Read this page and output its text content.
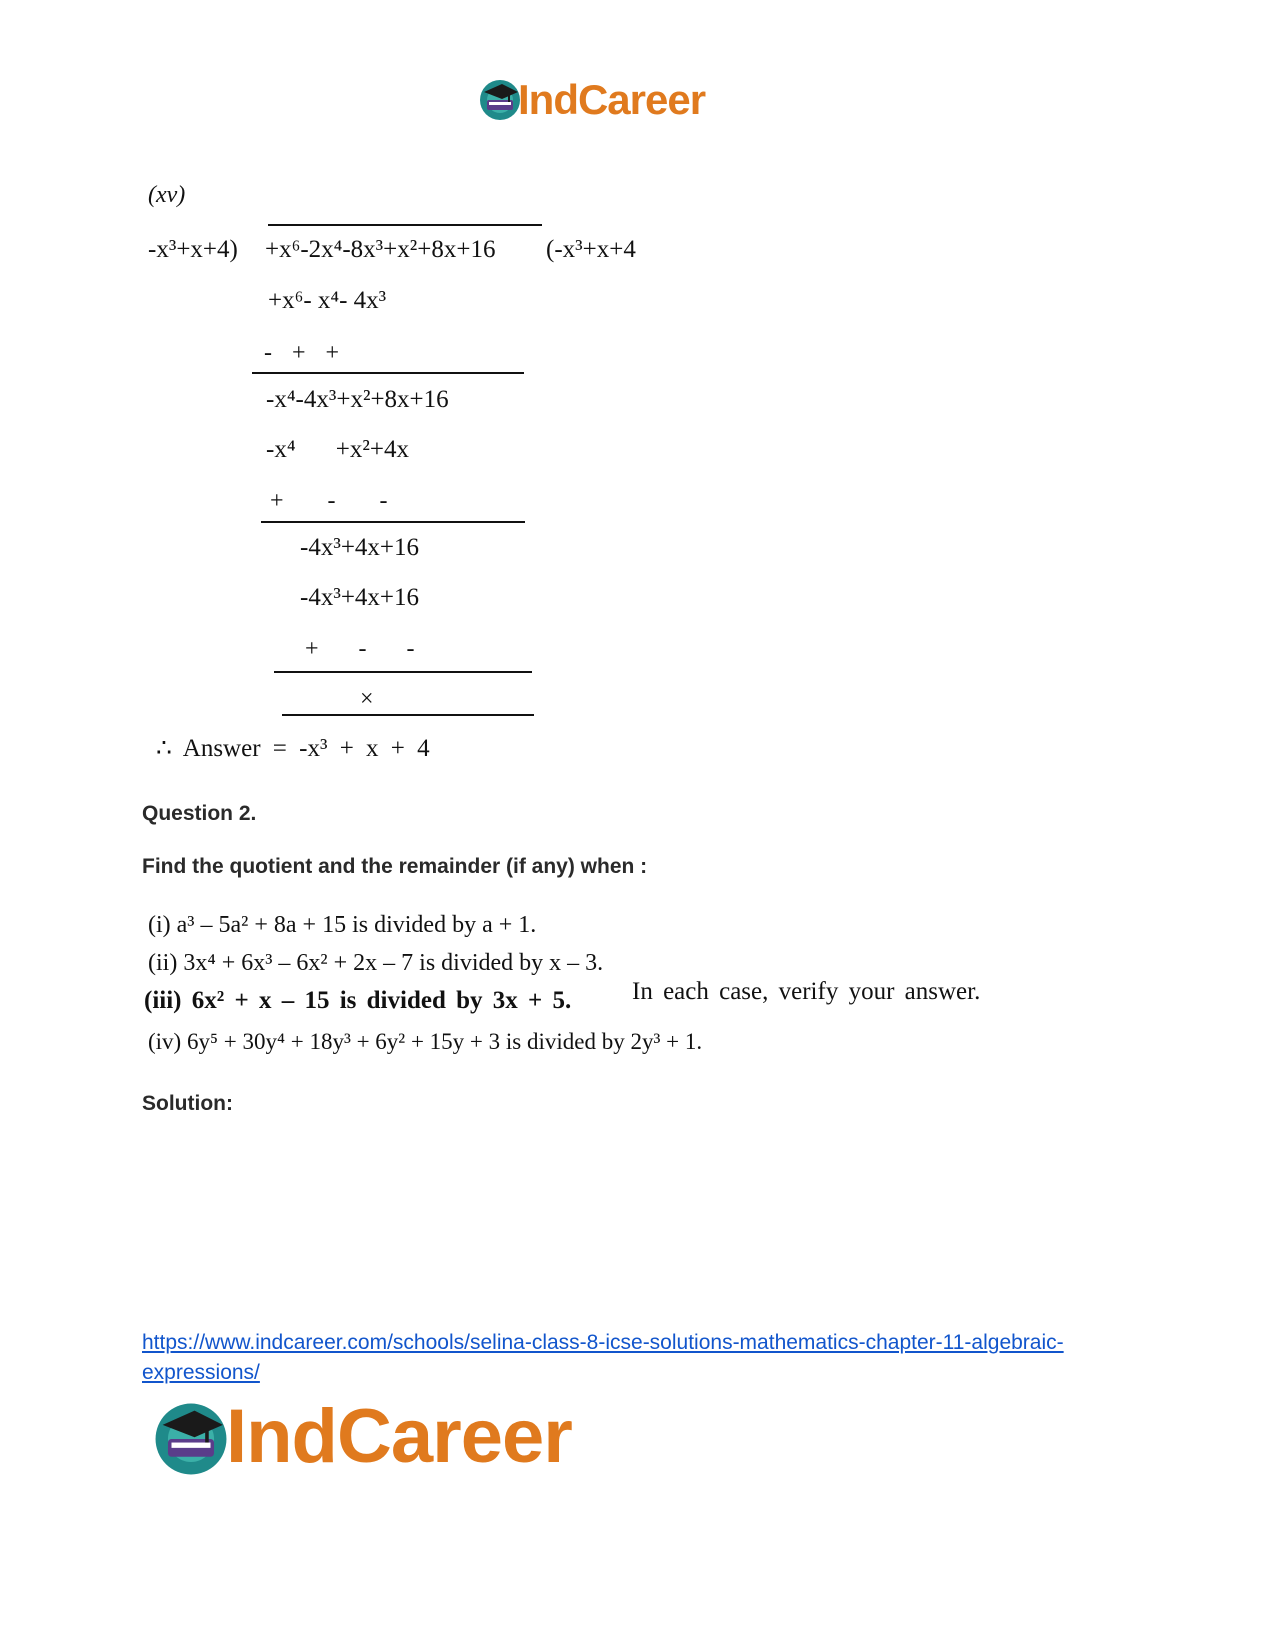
IndCareer
(xv)
-x³+x+4) +x⁶-2x⁴-8x³+x²+8x+16 (-x³+x+4
+x⁶- x⁴- 4x³
- + +
-x⁴-4x³+x²+8x+16
-x⁴ +x²+4x
+ - -
-4x³+4x+16
-4x³+4x+16
+ - -
×
∴ Answer = -x³ + x + 4
Question 2.
Find the quotient and the remainder (if any) when :
(i) a³ – 5a² + 8a + 15 is divided by a + 1.
(ii) 3x⁴ + 6x³ – 6x² + 2x – 7 is divided by x – 3.
(iii) 6x² + x – 15 is divided by 3x + 5. In each case, verify your answer.
(iv) 6y⁵ + 30y⁴ + 18y³ + 6y² + 15y + 3 is divided by 2y³ + 1.
Solution:
https://www.indcareer.com/schools/selina-class-8-icse-solutions-mathematics-chapter-11-algebraic-expressions/
IndCareer
